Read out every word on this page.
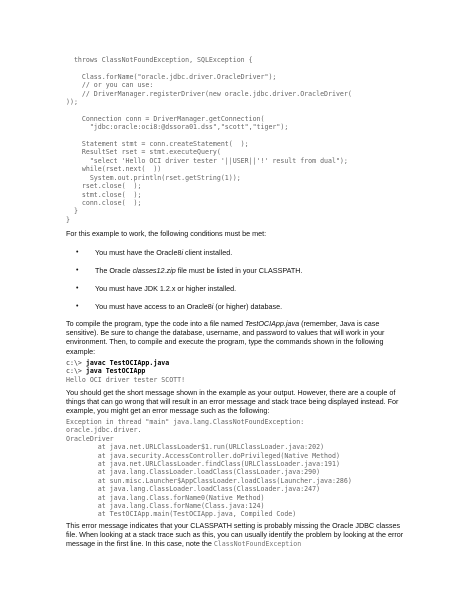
throws ClassNotFoundException, SQLException {

Class.forName("oracle.jdbc.driver.OracleDriver");
// or you can use:
// DriverManager.registerDriver(new oracle.jdbc.driver.OracleDriver(
));

Connection conn = DriverManager.getConnection(
"jdbc:oracle:oci8:@dssora01.dss","scott","tiger");

Statement stmt = conn.createStatement(  );
ResultSet rset = stmt.executeQuery(
"select 'Hello OCI driver tester '||USER||'!' result from dual");
while(rset.next(  ))
System.out.println(rset.getString(1));
rset.close(  );
stmt.close(  );
conn.close(  );
}
}

For this example to work, the following conditions must be met:

• You must have the Oracle8i client installed.
• The Oracle classes12.zip file must be listed in your CLASSPATH.
• You must have JDK 1.2.x or higher installed.
• You must have access to an Oracle8i (or higher) database.

To compile the program, type the code into a file named TestOCIApp.java (remember, Java is case sensitive). Be sure to change the database, username, and password to values that will work in your environment. Then, to compile and execute the program, type the commands shown in the following example:

c:\> javac TestOCIApp.java
c:\> java TestOCIApp
Hello OCI driver tester SCOTT!

You should get the short message shown in the example as your output. However, there are a couple of things that can go wrong that will result in an error message and stack trace being displayed instead. For example, you might get an error message such as the following:

Exception in thread "main" java.lang.ClassNotFoundException:
oracle.jdbc.driver.
OracleDriver
at java.net.URLClassLoader$1.run(URLClassLoader.java:202)
at java.security.AccessController.doPrivileged(Native Method)
at java.net.URLClassLoader.findClass(URLClassLoader.java:191)
at java.lang.ClassLoader.loadClass(ClassLoader.java:290)
at sun.misc.Launcher$AppClassLoader.loadClass(Launcher.java:286)
at java.lang.ClassLoader.loadClass(ClassLoader.java:247)
at java.lang.Class.forName0(Native Method)
at java.lang.Class.forName(Class.java:124)
at TestOCIApp.main(TestOCIApp.java, Compiled Code)

This error message indicates that your CLASSPATH setting is probably missing the Oracle JDBC classes file. When looking at a stack trace such as this, you can usually identify the problem by looking at the error message in the first line. In this case, note the ClassNotFoundException
